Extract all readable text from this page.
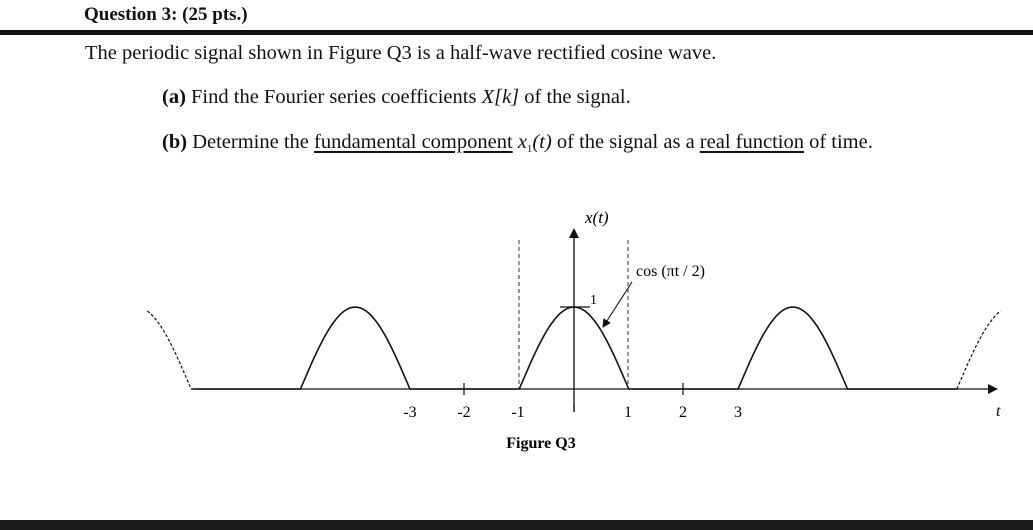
Question 3: (25 pts.)
The periodic signal shown in Figure Q3 is a half-wave rectified cosine wave.
(a) Find the Fourier series coefficients X[k] of the signal.
(b) Determine the fundamental component $x_1(t)$ of the signal as a real function of time.
x(t)
t
cos (πt / 2)
1
-3	-2	-1	1	2	3
Figure Q3
